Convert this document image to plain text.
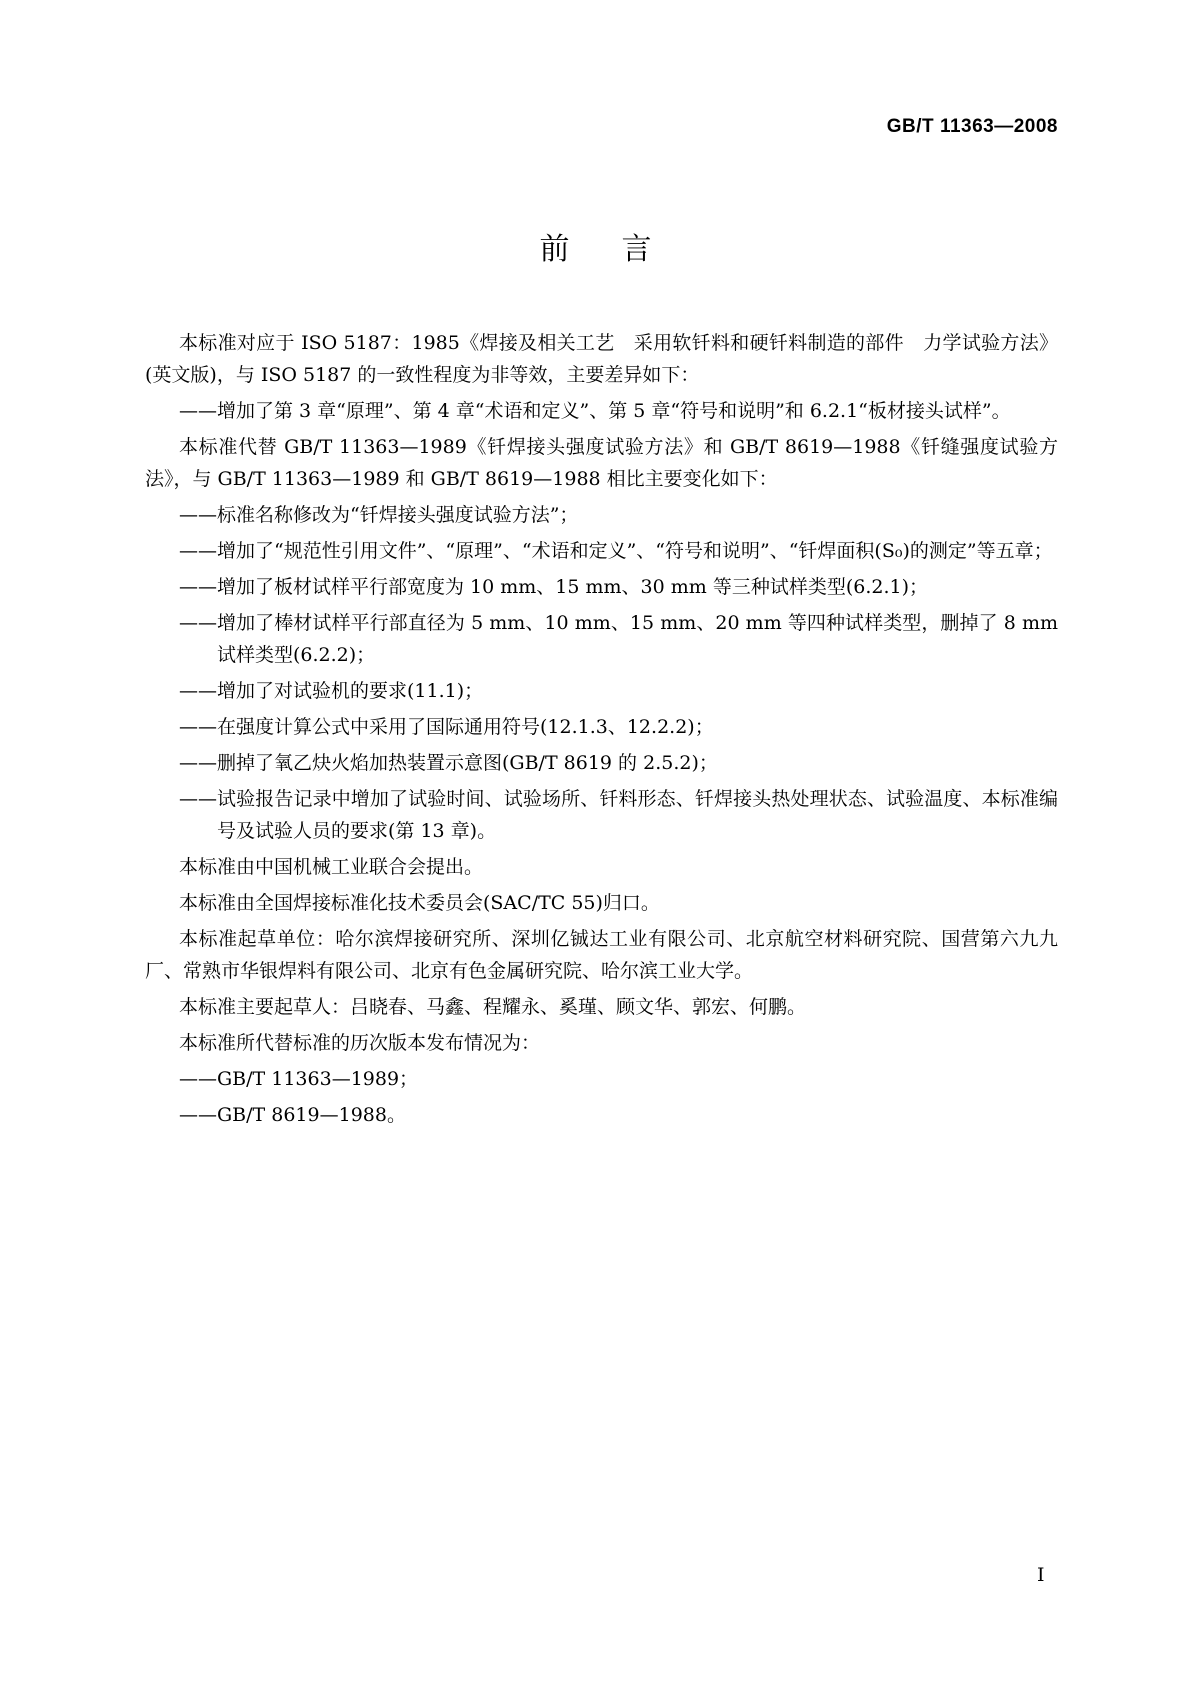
GB/T 11363—2008
前言

本标准对应于 ISO 5187：1985《焊接及相关工艺　采用软钎料和硬钎料制造的部件　力学试验方法》(英文版)，与 ISO 5187 的一致性程度为非等效，主要差异如下：

—— 增加了第 3 章“原理”、第 4 章“术语和定义”、第 5 章“符号和说明”和 6.2.1“板材接头试样”。

本标准代替 GB/T 11363—1989《钎焊接头强度试验方法》和 GB/T 8619—1988《钎缝强度试验方法》，与 GB/T 11363—1989 和 GB/T 8619—1988 相比主要变化如下：

—— 标准名称修改为“钎焊接头强度试验方法”；

—— 增加了“规范性引用文件”、“原理”、“术语和定义”、“符号和说明”、“钎焊面积(S₀)的测定”等五章；

—— 增加了板材试样平行部宽度为 10 mm、15 mm、30 mm 等三种试样类型(6.2.1)；

—— 增加了棒材试样平行部直径为 5 mm、10 mm、15 mm、20 mm 等四种试样类型，删掉了 8 mm 试样类型(6.2.2)；

—— 增加了对试验机的要求(11.1)；

—— 在强度计算公式中采用了国际通用符号(12.1.3、12.2.2)；

—— 删掉了氧乙炔火焰加热装置示意图(GB/T 8619 的 2.5.2)；

—— 试验报告记录中增加了试验时间、试验场所、钎料形态、钎焊接头热处理状态、试验温度、本标准编号及试验人员的要求(第 13 章)。

本标准由中国机械工业联合会提出。

本标准由全国焊接标准化技术委员会(SAC/TC 55)归口。

本标准起草单位：哈尔滨焊接研究所、深圳亿铖达工业有限公司、北京航空材料研究院、国营第六九九厂、常熟市华银焊料有限公司、北京有色金属研究院、哈尔滨工业大学。

本标准主要起草人：吕晓春、马鑫、程耀永、奚瑾、顾文华、郭宏、何鹏。

本标准所代替标准的历次版本发布情况为：

—— GB/T 11363—1989；

—— GB/T 8619—1988。

I
